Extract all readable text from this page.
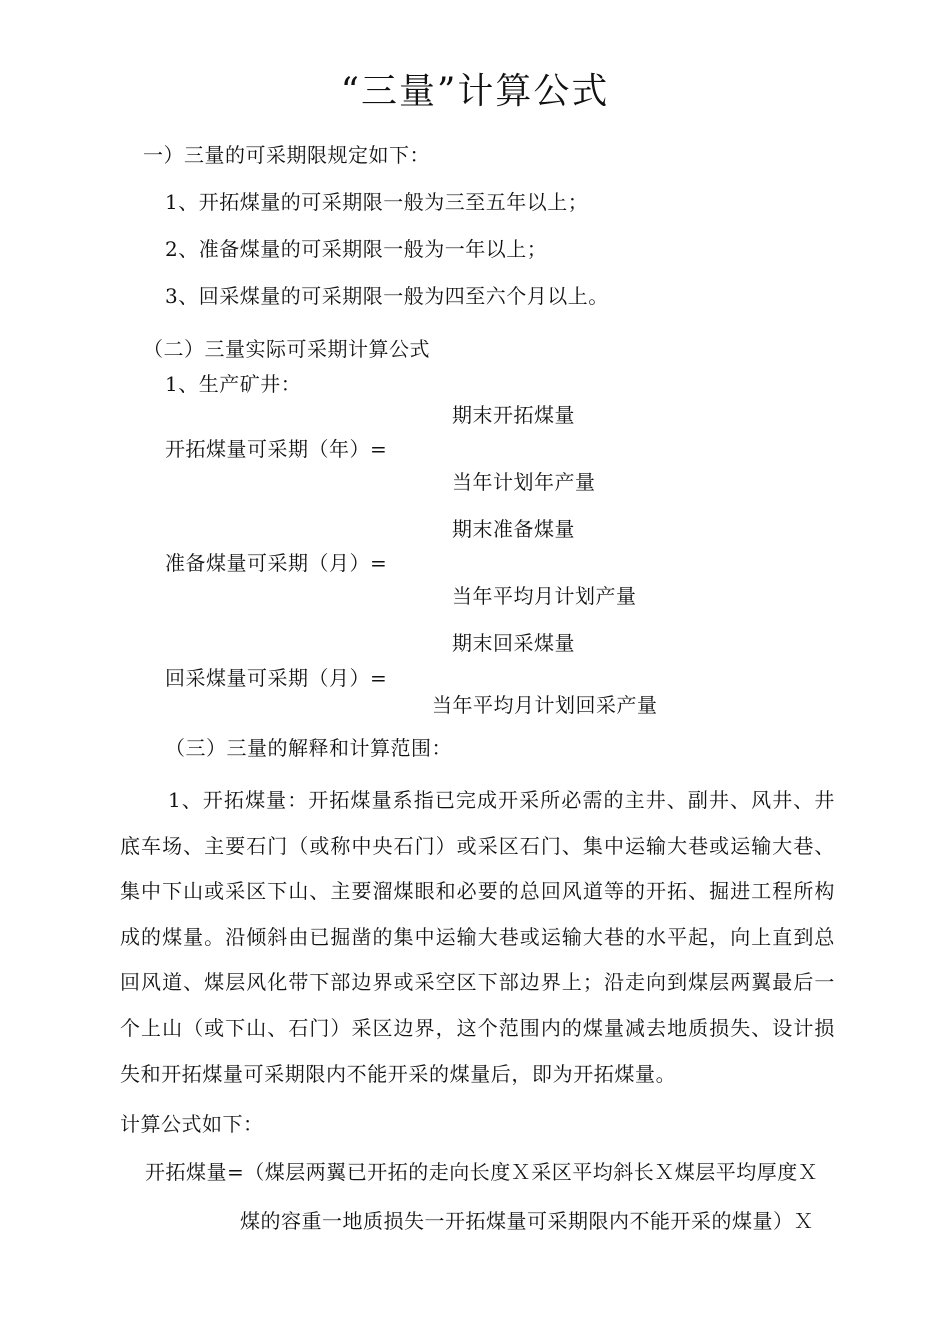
“三量”计算公式
一）三量的可采期限规定如下：
1、开拓煤量的可采期限一般为三至五年以上；
2、准备煤量的可采期限一般为一年以上；
3、回采煤量的可采期限一般为四至六个月以上。
（二）三量实际可采期计算公式
1、生产矿井：
期末开拓煤量
开拓煤量可采期（年）=
当年计划年产量
期末准备煤量
准备煤量可采期（月）=
当年平均月计划产量
期末回采煤量
回采煤量可采期（月）=
当年平均月计划回采产量
（三）三量的解释和计算范围：

1、开拓煤量：开拓煤量系指已完成开采所必需的主井、副井、风井、井底车场、主要石门（或称中央石门）或采区石门、集中运输大巷或运输大巷、集中下山或采区下山、主要溜煤眼和必要的总回风道等的开拓、掘进工程所构成的煤量。沿倾斜由已掘凿的集中运输大巷或运输大巷的水平起，向上直到总回风道、煤层风化带下部边界或采空区下部边界上；沿走向到煤层两翼最后一个上山（或下山、石门）采区边界，这个范围内的煤量减去地质损失、设计损失和开拓煤量可采期限内不能开采的煤量后，即为开拓煤量。

计算公式如下：
开拓煤量=（煤层两翼已开拓的走向长度Ｘ采区平均斜长Ｘ煤层平均厚度Ｘ
煤的容重一地质损失一开拓煤量可采期限内不能开采的煤量）Ｘ
